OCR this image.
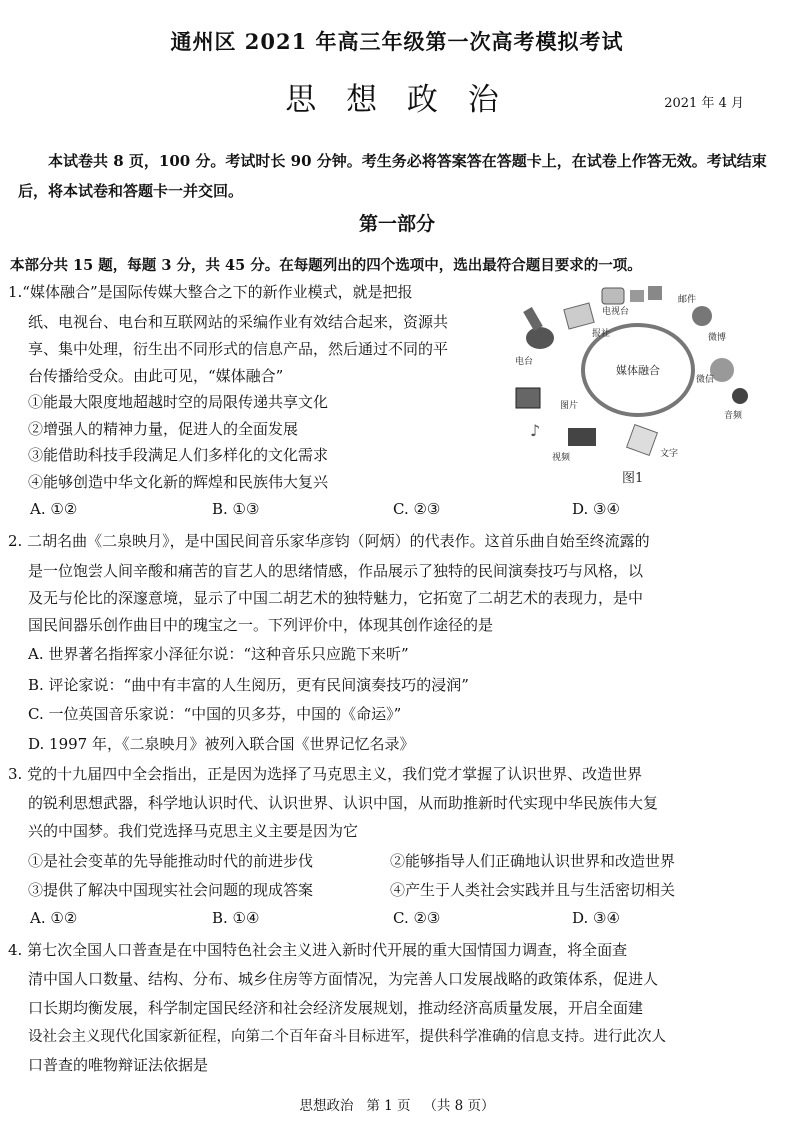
通州区 2021 年高三年级第一次高考模拟考试
思 想 政 治	2021 年 4 月
本试卷共 8 页，100 分。考试时长 90 分钟。考生务必将答案答在答题卡上，在试卷上作答无效。考试结束后，将本试卷和答题卡一并交回。
第一部分
本部分共 15 题，每题 3 分，共 45 分。在每题列出的四个选项中，选出最符合题目要求的一项。
1.“媒体融合”是国际传媒大整合之下的新作业模式，就是把报
纸、电视台、电台和互联网站的采编作业有效结合起来，资源共
享、集中处理，衍生出不同形式的信息产品，然后通过不同的平
台传播给受众。由此可见，“媒体融合”
①能最大限度地超越时空的局限传递共享文化
②增强人的精神力量，促进人的全面发展
③能借助科技手段满足人们多样化的文化需求
④能够创造中华文化新的辉煌和民族伟大复兴
A. ①②	B. ①③	C. ②③	D. ③④
媒体融合
♪
电视台
邮件
报社	微博
电台
微信
音频
图片
文字
视频
图1
2. 二胡名曲《二泉映月》，是中国民间音乐家华彦钧（阿炳）的代表作。这首乐曲自始至终流露的
是一位饱尝人间辛酸和痛苦的盲艺人的思绪情感，作品展示了独特的民间演奏技巧与风格，以
及无与伦比的深邃意境，显示了中国二胡艺术的独特魅力，它拓宽了二胡艺术的表现力，是中
国民间器乐创作曲目中的瑰宝之一。下列评价中，体现其创作途径的是
A. 世界著名指挥家小泽征尔说：“这种音乐只应跪下来听”
B. 评论家说：“曲中有丰富的人生阅历，更有民间演奏技巧的浸润”
C. 一位英国音乐家说：“中国的贝多芬，中国的《命运》”
D. 1997 年，《二泉映月》被列入联合国《世界记忆名录》
3. 党的十九届四中全会指出，正是因为选择了马克思主义，我们党才掌握了认识世界、改造世界
的锐利思想武器，科学地认识时代、认识世界、认识中国，从而助推新时代实现中华民族伟大复
兴的中国梦。我们党选择马克思主义主要是因为它
①是社会变革的先导能推动时代的前进步伐	②能够指导人们正确地认识世界和改造世界
③提供了解决中国现实社会问题的现成答案	④产生于人类社会实践并且与生活密切相关
A. ①②	B. ①④	C. ②③	D. ③④
4. 第七次全国人口普查是在中国特色社会主义进入新时代开展的重大国情国力调查，将全面查
清中国人口数量、结构、分布、城乡住房等方面情况，为完善人口发展战略的政策体系，促进人
口长期均衡发展，科学制定国民经济和社会经济发展规划，推动经济高质量发展，开启全面建
设社会主义现代化国家新征程，向第二个百年奋斗目标进军，提供科学准确的信息支持。进行此次人
口普查的唯物辩证法依据是
思想政治   第 1 页   （共 8 页）
